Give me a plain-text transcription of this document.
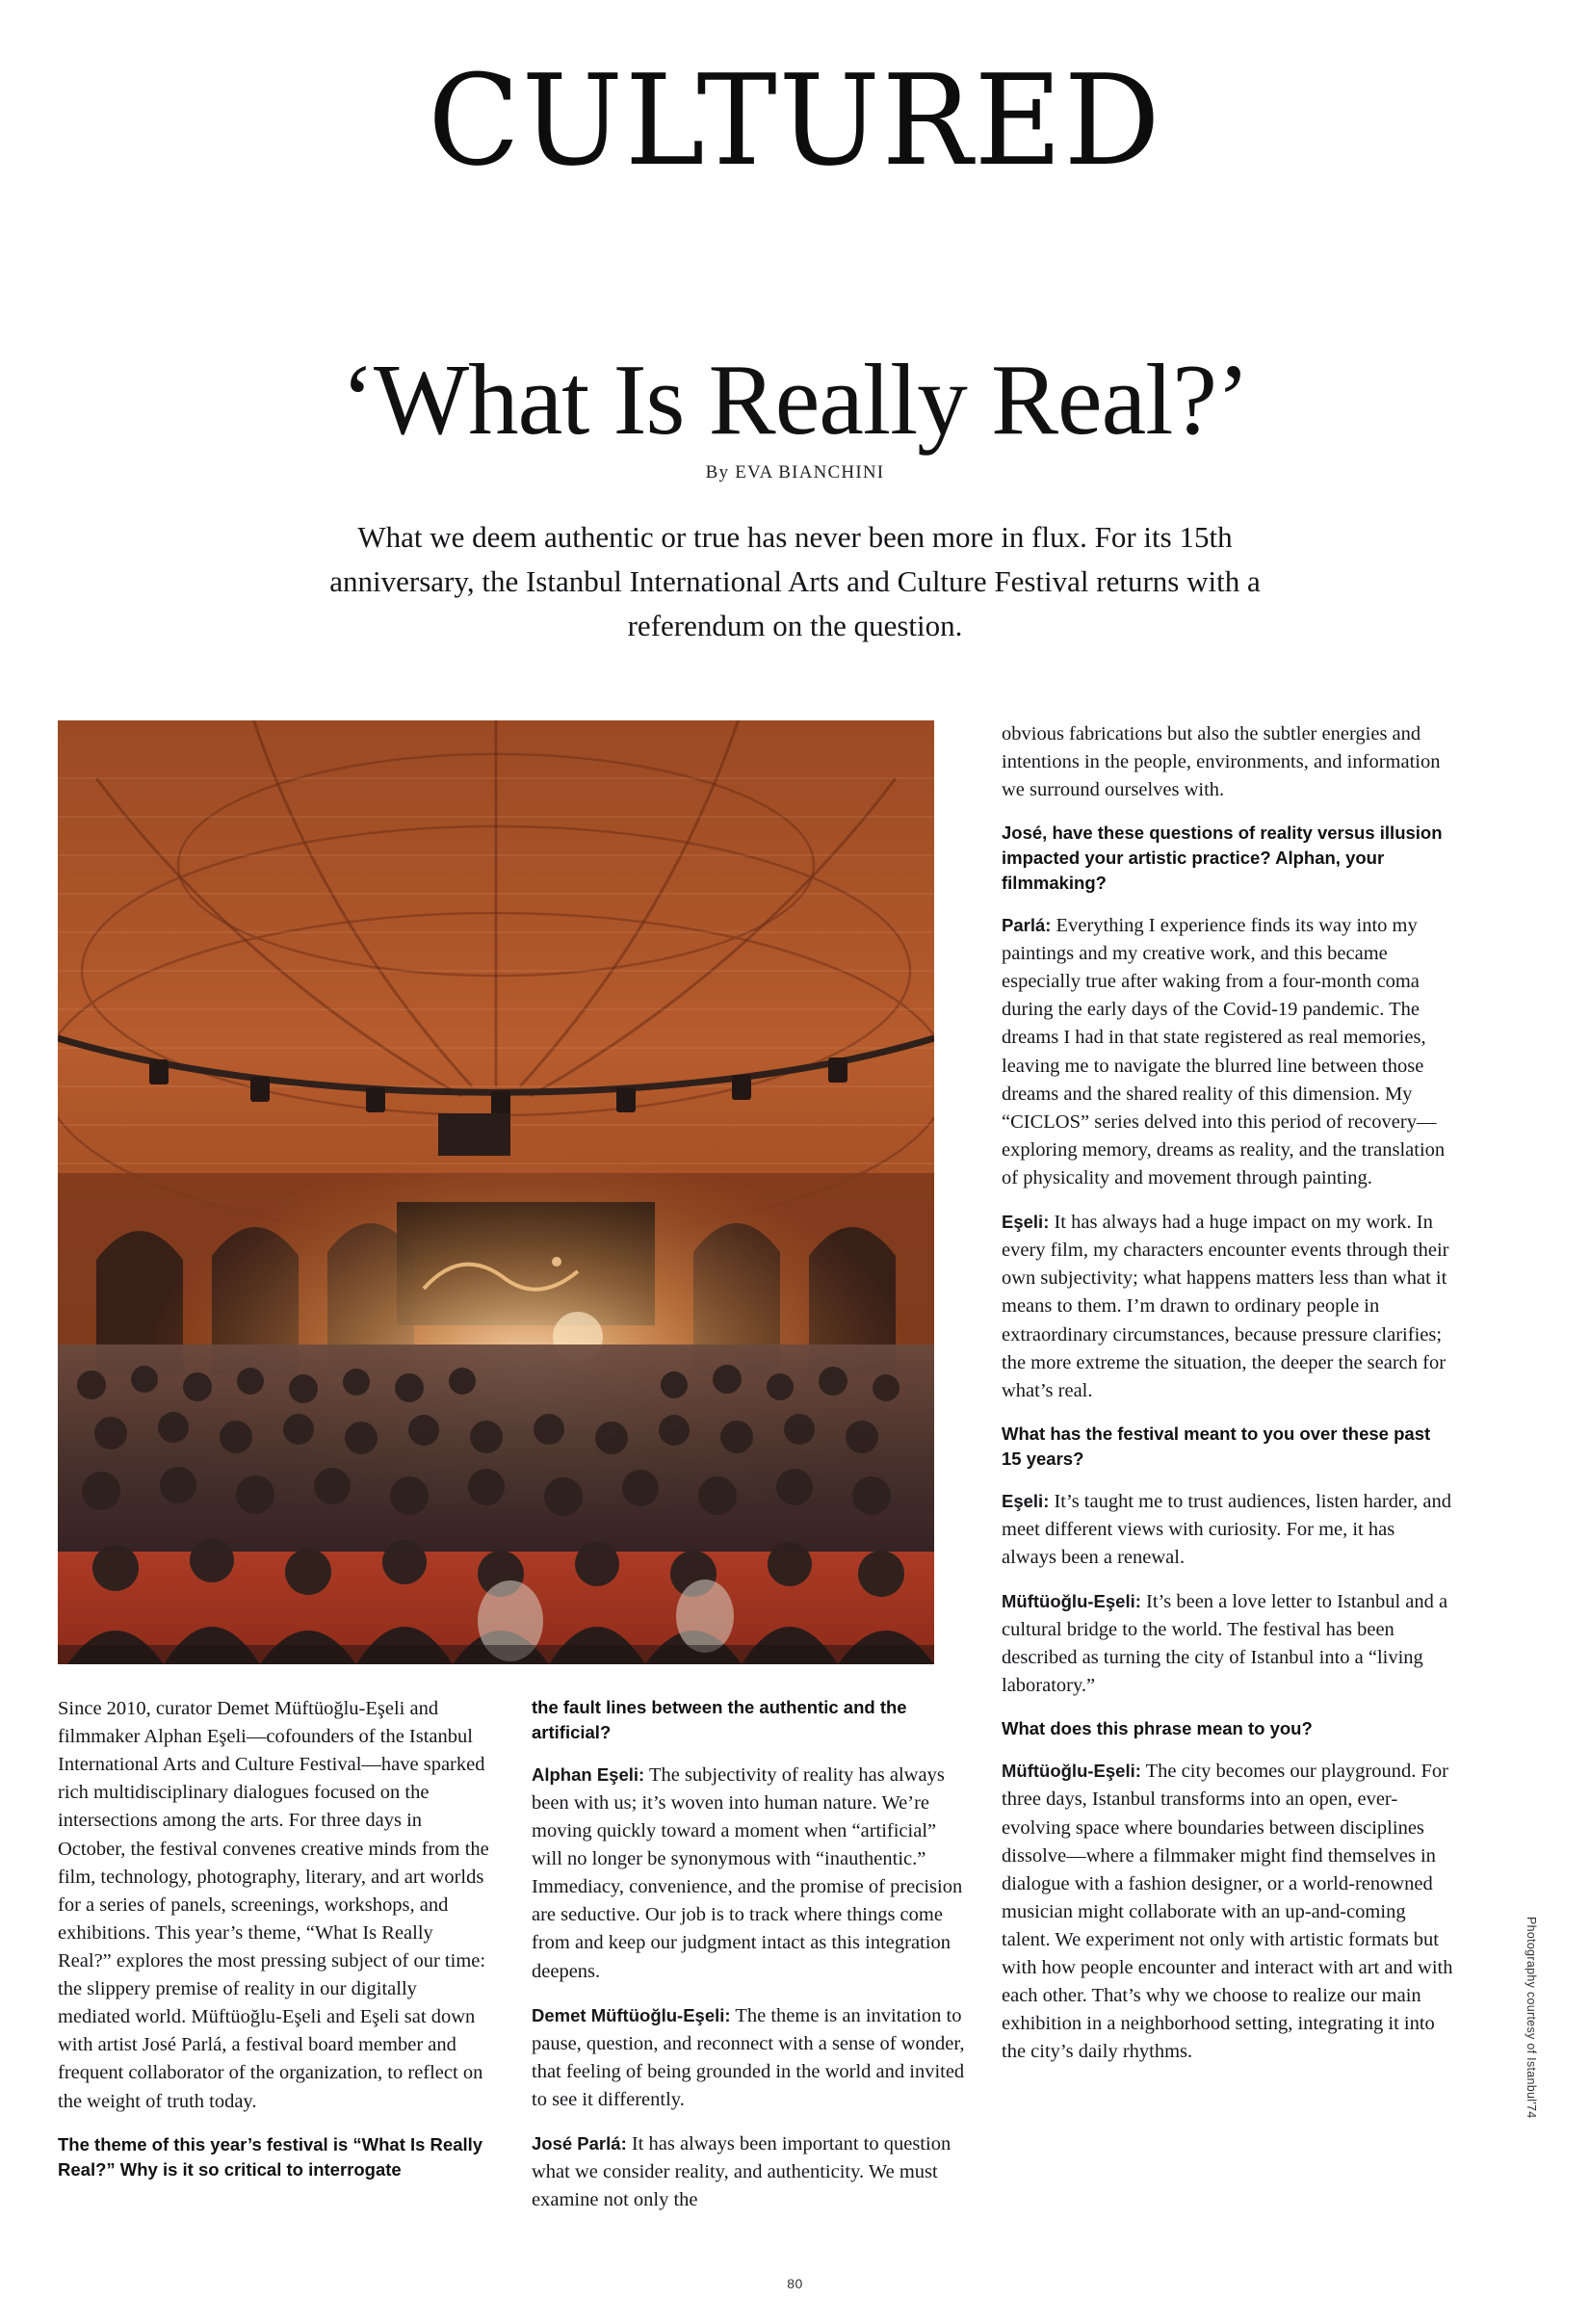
CULTURED
‘What Is Really Real?’
By EVA BIANCHINI
What we deem authentic or true has never been more in flux. For its 15th anniversary, the Istanbul International Arts and Culture Festival returns with a referendum on the question.

Since 2010, curator Demet Müftüoğlu-Eşeli and filmmaker Alphan Eşeli—cofounders of the Istanbul International Arts and Culture Festival—have sparked rich multidisciplinary dialogues focused on the intersections among the arts. For three days in October, the festival convenes creative minds from the film, technology, photography, literary, and art worlds for a series of panels, screenings, workshops, and exhibitions. This year’s theme, “What Is Really Real?” explores the most pressing subject of our time: the slippery premise of reality in our digitally mediated world. Müftüoğlu-Eşeli and Eşeli sat down with artist José Parlá, a festival board member and frequent collaborator of the organization, to reflect on the weight of truth today.

The theme of this year’s festival is “What Is Really Real?” Why is it so critical to interrogate

the fault lines between the authentic and the artificial?

Alphan Eşeli: The subjectivity of reality has always been with us; it’s woven into human nature. We’re moving quickly toward a moment when “artificial” will no longer be synonymous with “inauthentic.” Immediacy, convenience, and the promise of precision are seductive. Our job is to track where things come from and keep our judgment intact as this integration deepens.

Demet Müftüoğlu-Eşeli: The theme is an invitation to pause, question, and reconnect with a sense of wonder, that feeling of being grounded in the world and invited to see it differently.

José Parlá: It has always been important to question what we consider reality, and authenticity. We must examine not only the

obvious fabrications but also the subtler energies and intentions in the people, environments, and information we surround ourselves with.

José, have these questions of reality versus illusion impacted your artistic practice? Alphan, your filmmaking?

Parlá: Everything I experience finds its way into my paintings and my creative work, and this became especially true after waking from a four-month coma during the early days of the Covid-19 pandemic. The dreams I had in that state registered as real memories, leaving me to navigate the blurred line between those dreams and the shared reality of this dimension. My “CICLOS” series delved into this period of recovery—exploring memory, dreams as reality, and the translation of physicality and movement through painting.

Eşeli: It has always had a huge impact on my work. In every film, my characters encounter events through their own subjectivity; what happens matters less than what it means to them. I’m drawn to ordinary people in extraordinary circumstances, because pressure clarifies; the more extreme the situation, the deeper the search for what’s real.

What has the festival meant to you over these past 15 years?

Eşeli: It’s taught me to trust audiences, listen harder, and meet different views with curiosity. For me, it has always been a renewal.

Müftüoğlu-Eşeli: It’s been a love letter to Istanbul and a cultural bridge to the world. The festival has been described as turning the city of Istanbul into a “living laboratory.”

What does this phrase mean to you?

Müftüoğlu-Eşeli: The city becomes our playground. For three days, Istanbul transforms into an open, ever-evolving space where boundaries between disciplines dissolve—where a filmmaker might find themselves in dialogue with a fashion designer, or a world-renowned musician might collaborate with an up-and-coming talent. We experiment not only with artistic formats but with how people encounter and interact with art and with each other. That’s why we choose to realize our main exhibition in a neighborhood setting, integrating it into the city’s daily rhythms.	Photography courtesy of Istanbul'74
80
